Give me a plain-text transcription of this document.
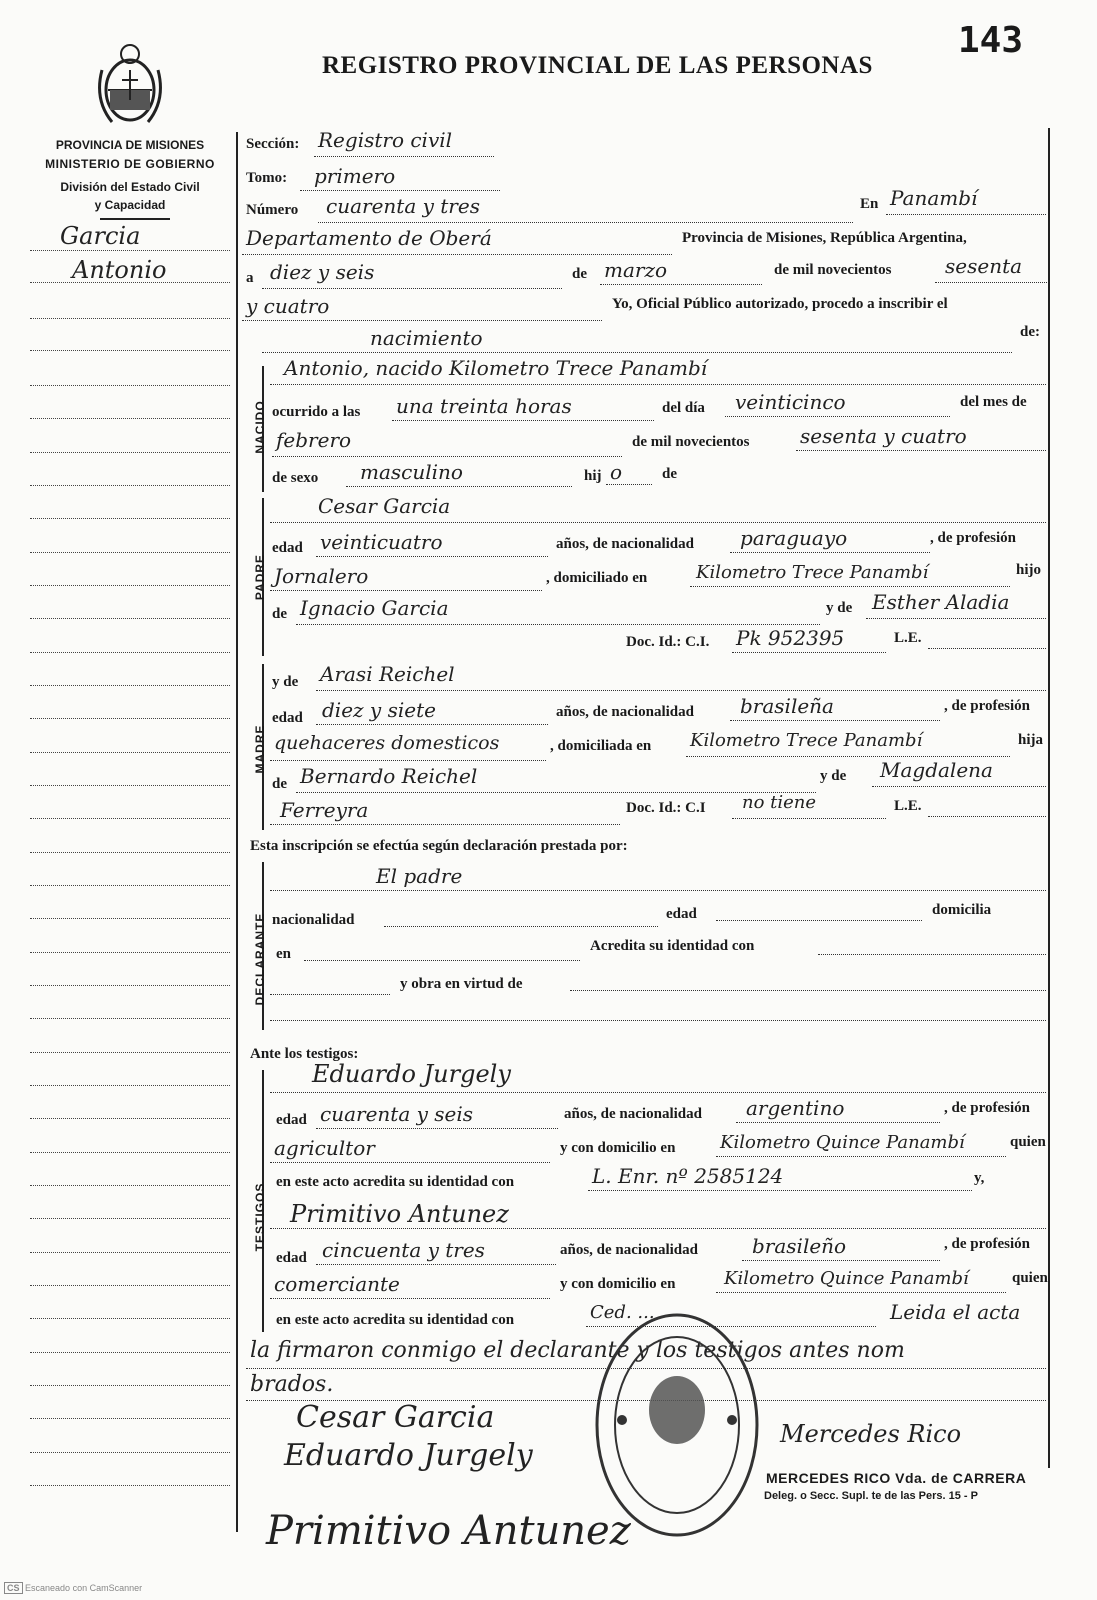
PROVINCIA DE MISIONES
MINISTERIO DE GOBIERNO
División del Estado Civil
y Capacidad
REGISTRO PROVINCIAL DE LAS PERSONAS
143
Garcia
Antonio
Sección: Registro civil
Tomo: primero
Número cuarenta y tres	En Panambí
Departamento de Oberá	Provincia de Misiones, República Argentina,
a diez y seis	de marzo	de mil novecientos	sesenta
y cuatro	Yo, Oficial Público autorizado, procedo a inscribir el
nacimiento	de:
NACIDO
Antonio, nacido Kilometro Trece Panambí
ocurrido a las una treinta horas	del día veinticinco	del mes de
febrero	de mil novecientos	sesenta y cuatro
de sexo masculino	hij o	de
PADRE
Cesar Garcia
edad veinticuatro	años, de nacionalidad paraguayo	, de profesión
Jornalero	, domiciliado en	Kilometro Trece Panambí	hijo
de Ignacio Garcia	y de Esther Aladia
Doc. Id.: C.I. Pk 952395	L.E.
MADRE
y de Arasi Reichel
edad diez y siete	años, de nacionalidad brasileña	, de profesión
quehaceres domesticos	, domiciliada en Kilometro Trece Panambí	hija
de Bernardo Reichel	y de Magdalena
Ferreyra	Doc. Id.: C.I no tiene	L.E.
Esta inscripción se efectúa según declaración prestada por:
DECLARANTE
El padre
nacionalidad	edad	domicilia
en	Acredita su identidad con
y obra en virtud de
Ante los testigos:
TESTIGOS
Eduardo Jurgely
edad cuarenta y seis	años, de nacionalidad argentino	, de profesión
agricultor	y con domicilio en Kilometro Quince Panambí	quien
en este acto acredita su identidad con	L. Enr. nº 2585124	y,
Primitivo Antunez
edad cincuenta y tres	años, de nacionalidad	brasileño	, de profesión
comerciante	y con domicilio en	Kilometro Quince Panambí	quien
en este acto acredita su identidad con	Ced. ...	Leida el acta
la firmaron conmigo el declarante y los testigos antes nom
brados.
Cesar Garcia
Eduardo Jurgely
Mercedes Rico
Primitivo Antunez
MERCEDES RICO Vda. de CARRERA
Deleg. o Secc. Supl. te de las Pers. 15 - P
CS Escaneado con CamScanner
